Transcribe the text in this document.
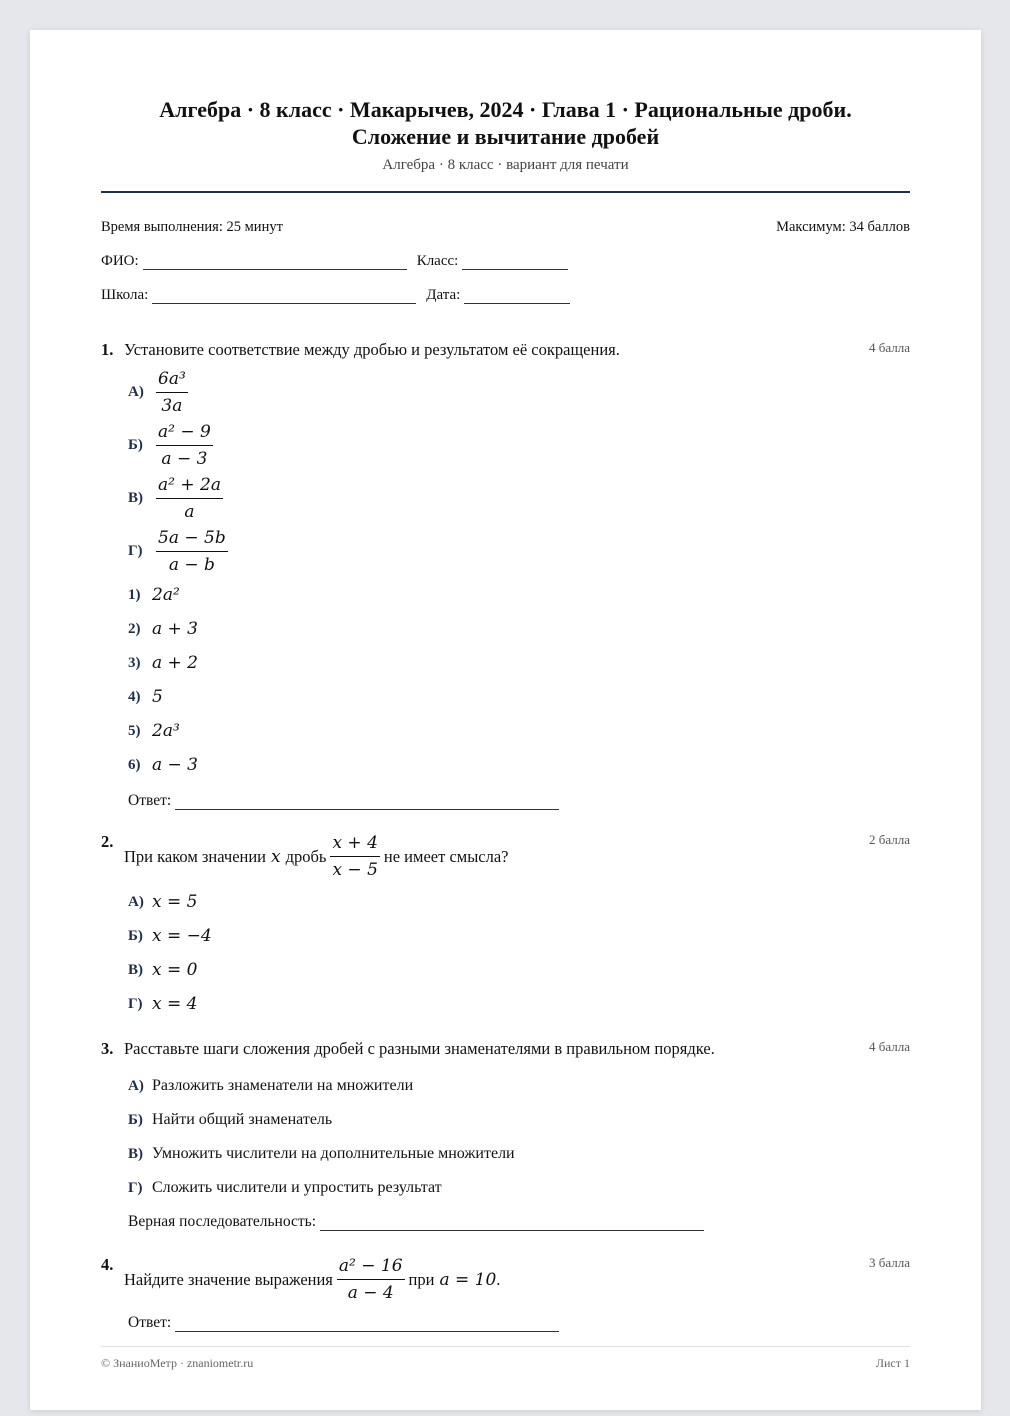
Алгебра · 8 класс · Макарычев, 2024 · Глава 1 · Рациональные дроби.
Сложение и вычитание дробей
Алгебра · 8 класс · вариант для печати
Время выполнения: 25 минут	Максимум: 34 баллов
ФИО:	Класс:
Школа:	Дата:
1. Установите соответствие между дробью и результатом её сокращения.	4 балла
$А) \frac{\text{6a³}}{3a}$
$Б) \frac{\text{a² − 9}}{a - 3}$
$В) \frac{\text{a² + 2a}}{a}$
$Г) \frac{5a - 5b}{a - b}$
1) 2a²
2) a + 3
3) a + 2
4) 5
5) 2a³
6) a − 3
Ответ:
2.
При каком значении x дробь $\frac{x + 4}{x - 5}$ не имеет смысла?
2 балла
А) x = 5
Б) x = −4
В) x = 0
Г) x = 4
3. Расставьте шаги сложения дробей с разными знаменателями в правильном порядке.	4 балла
А) Разложить знаменатели на множители
Б) Найти общий знаменатель
В) Умножить числители на дополнительные множители
Г) Сложить числители и упростить результат
Верная последовательность:
4.
Найдите значение выражения $\frac{\text{a² − 16}}{a - 4}$ при a = 10 .
3 балла
Ответ:
© ЗнаниоМетр · znaniometr.ru	Лист 1
